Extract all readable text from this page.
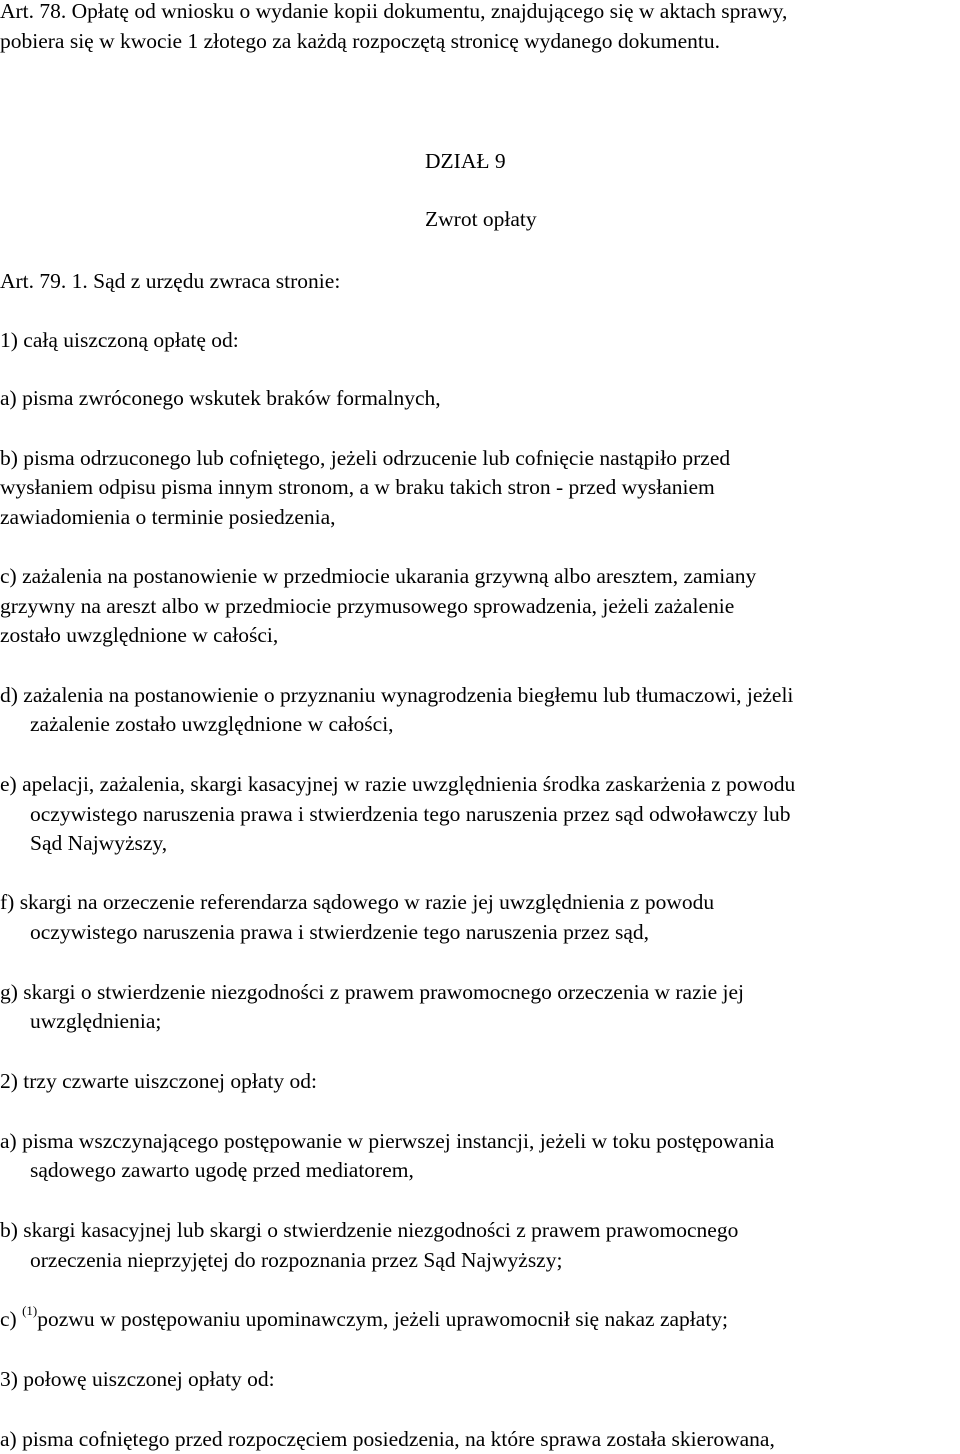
Art. 78. Opłatę od wniosku o wydanie kopii dokumentu, znajdującego się w aktach sprawy,
pobiera się w kwocie 1 złotego za każdą rozpoczętą stronicę wydanego dokumentu.
DZIAŁ 9
Zwrot opłaty
Art. 79. 1. Sąd z urzędu zwraca stronie:
1) całą uiszczoną opłatę od:
a) pisma zwróconego wskutek braków formalnych,
b) pisma odrzuconego lub cofniętego, jeżeli odrzucenie lub cofnięcie nastąpiło przed
wysłaniem odpisu pisma innym stronom, a w braku takich stron - przed wysłaniem
zawiadomienia o terminie posiedzenia,
c) zażalenia na postanowienie w przedmiocie ukarania grzywną albo aresztem, zamiany
grzywny na areszt albo w przedmiocie przymusowego sprowadzenia, jeżeli zażalenie
zostało uwzględnione w całości,
d) zażalenia na postanowienie o przyznaniu wynagrodzenia biegłemu lub tłumaczowi, jeżeli
zażalenie zostało uwzględnione w całości,
e) apelacji, zażalenia, skargi kasacyjnej w razie uwzględnienia środka zaskarżenia z powodu
oczywistego naruszenia prawa i stwierdzenia tego naruszenia przez sąd odwoławczy lub
Sąd Najwyższy,
f) skargi na orzeczenie referendarza sądowego w razie jej uwzględnienia z powodu
oczywistego naruszenia prawa i stwierdzenie tego naruszenia przez sąd,
g) skargi o stwierdzenie niezgodności z prawem prawomocnego orzeczenia w razie jej
uwzględnienia;
2) trzy czwarte uiszczonej opłaty od:
a) pisma wszczynającego postępowanie w pierwszej instancji, jeżeli w toku postępowania
sądowego zawarto ugodę przed mediatorem,
b) skargi kasacyjnej lub skargi o stwierdzenie niezgodności z prawem prawomocnego
orzeczenia nieprzyjętej do rozpoznania przez Sąd Najwyższy;
c) $^{(1)}$pozwu w postępowaniu upominawczym, jeżeli uprawomocnił się nakaz zapłaty;
3) połowę uiszczonej opłaty od:
a) pisma cofniętego przed rozpoczęciem posiedzenia, na które sprawa została skierowana,
